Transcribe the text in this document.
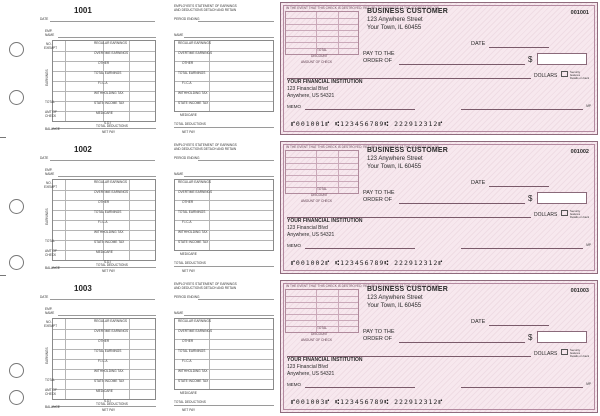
1001
DATE
EMPLOYEE'S STATEMENT OF EARNINGS
AND DEDUCTIONS DETACH AND RETAIN
PERIOD ENDING
EMP.
NAME	NAME
NO.
EXEMPT
EARNINGS
REGULAR EARNINGS
OVERTIME EARNINGS
OTHER
TOTAL EARNINGS
F.I.C.A
WITHHOLDING TAX
STATE INCOME TAX
MEDICARE
TOTAL
AMT OF
CHECK
S.D.I
TOTAL DEDUCTIONS
BALANCE
NET PAY
REGULAR EARNINGS
OVERTIME EARNINGS
OTHER
TOTAL EARNINGS
F.I.C.A
WITHHOLDING TAX
STATE INCOME TAX
MEDICARE
TOTAL DEDUCTIONS
NET PAY
IN THE EVENT THAT THIS CHECK IS DESTROYED, RETURN TO BUSINESS AT THE ADDRESS BELOW
TOTAL
DISCOUNT
AMOUNT OF CHECK
BUSINESS CUSTOMER
123 Anywhere Street
Your Town, IL 60455
001001
DATE
PAY TO THE
ORDER OF	$
DOLLARS
Security
features
Details on back
YOUR FINANCIAL INSTITUTION
123 Financial Blvd
Anywhere, US 54321
MEMO	MP
⑈001001⑈ ⑆123456789⑆ 222912312⑈
1002
DATE
EMPLOYEE'S STATEMENT OF EARNINGS
AND DEDUCTIONS DETACH AND RETAIN
PERIOD ENDING
EMP.
NAME	NAME
NO.
EXEMPT
EARNINGS
REGULAR EARNINGS
OVERTIME EARNINGS
OTHER
TOTAL EARNINGS
F.I.C.A
WITHHOLDING TAX
STATE INCOME TAX
MEDICARE
TOTAL
AMT OF
CHECK
S.D.I
TOTAL DEDUCTIONS
BALANCE
NET PAY
REGULAR EARNINGS
OVERTIME EARNINGS
OTHER
TOTAL EARNINGS
F.I.C.A
WITHHOLDING TAX
STATE INCOME TAX
MEDICARE
TOTAL DEDUCTIONS
NET PAY
IN THE EVENT THAT THIS CHECK IS DESTROYED, RETURN TO BUSINESS AT THE ADDRESS BELOW
TOTAL
DISCOUNT
AMOUNT OF CHECK
BUSINESS CUSTOMER
123 Anywhere Street
Your Town, IL 60455
001002
DATE
PAY TO THE
ORDER OF	$
DOLLARS
Security
features
Details on back
YOUR FINANCIAL INSTITUTION
123 Financial Blvd
Anywhere, US 54321
MEMO	MP
⑈001002⑈ ⑆123456789⑆ 222912312⑈
1003
DATE
EMPLOYEE'S STATEMENT OF EARNINGS
AND DEDUCTIONS DETACH AND RETAIN
PERIOD ENDING
EMP.
NAME	NAME
NO.
EXEMPT
EARNINGS
REGULAR EARNINGS
OVERTIME EARNINGS
OTHER
TOTAL EARNINGS
F.I.C.A
WITHHOLDING TAX
STATE INCOME TAX
MEDICARE
TOTAL
AMT OF
CHECK
S.D.I
TOTAL DEDUCTIONS
BALANCE
NET PAY
REGULAR EARNINGS
OVERTIME EARNINGS
OTHER
TOTAL EARNINGS
F.I.C.A
WITHHOLDING TAX
STATE INCOME TAX
MEDICARE
TOTAL DEDUCTIONS
NET PAY
IN THE EVENT THAT THIS CHECK IS DESTROYED, RETURN TO BUSINESS AT THE ADDRESS BELOW
TOTAL
DISCOUNT
AMOUNT OF CHECK
BUSINESS CUSTOMER
123 Anywhere Street
Your Town, IL 60455
001003
DATE
PAY TO THE
ORDER OF	$
DOLLARS
Security
features
Details on back
YOUR FINANCIAL INSTITUTION
123 Financial Blvd
Anywhere, US 54321
MEMO	MP
⑈001003⑈ ⑆123456789⑆ 222912312⑈
